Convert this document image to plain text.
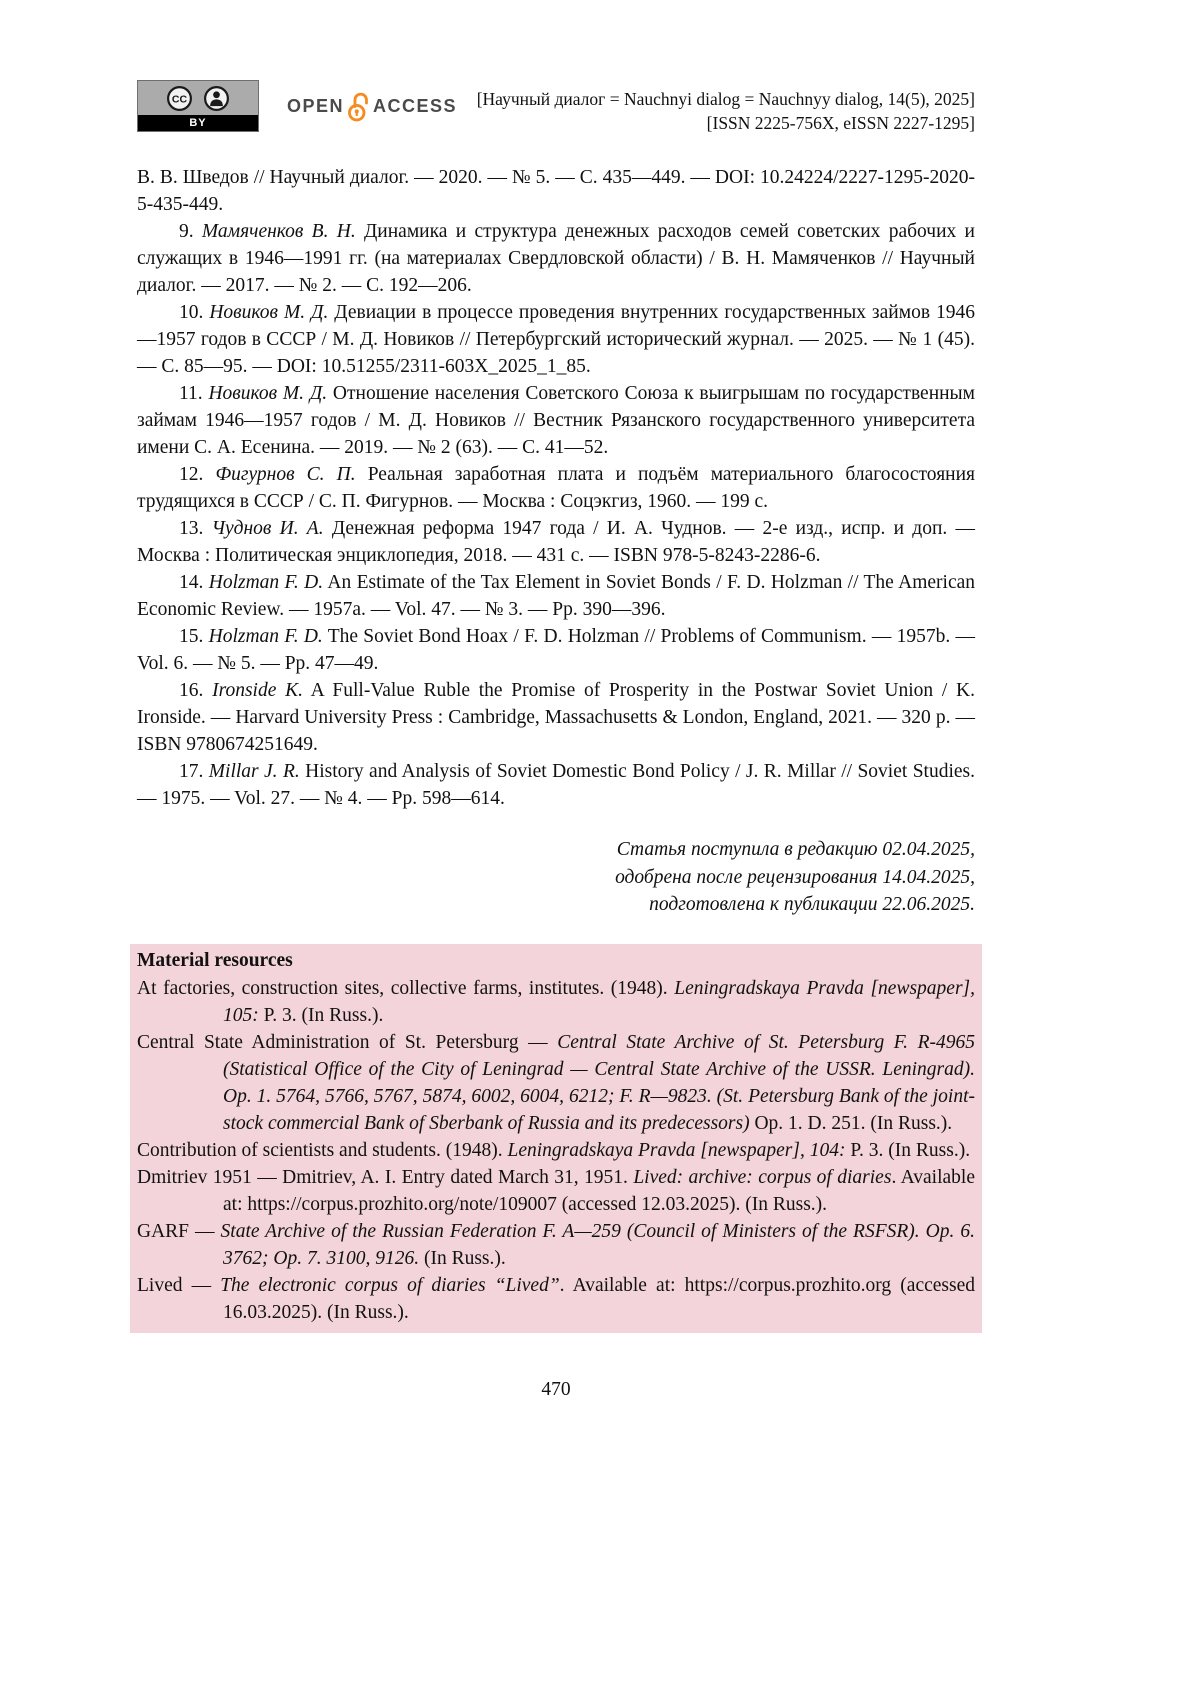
CC
BY
OPEN ACCESS [Научный диалог = Nauchnyi dialog = Nauchnyy dialog, 14(5), 2025]
[ISSN 2225-756X, eISSN 2227-1295]

В. В. Шведов // Научный диалог. — 2020. — № 5. — С. 435—449. — DOI: 10.24224/2227-1295-2020-5-435-449.

9. Мамяченков В. Н. Динамика и структура денежных расходов семей советских рабочих и служащих в 1946—1991 гг. (на материалах Свердловской области) / В. Н. Мамяченков // Научный диалог. — 2017. — № 2. — С. 192—206.

10. Новиков М. Д. Девиации в процессе проведения внутренних государственных займов 1946—1957 годов в СССР / М. Д. Новиков // Петербургский исторический журнал. — 2025. — № 1 (45). — С. 85—95. — DOI: 10.51255/2311-603X_2025_1_85.

11. Новиков М. Д. Отношение населения Советского Союза к выигрышам по государственным займам 1946—1957 годов / М. Д. Новиков // Вестник Рязанского государственного университета имени С. А. Есенина. — 2019. — № 2 (63). — С. 41—52.

12. Фигурнов С. П. Реальная заработная плата и подъём материального благосостояния трудящихся в СССР / С. П. Фигурнов. — Москва : Соцэкгиз, 1960. — 199 с.

13. Чуднов И. А. Денежная реформа 1947 года / И. А. Чуднов. — 2-е изд., испр. и доп. — Москва : Политическая энциклопедия, 2018. — 431 с. — ISBN 978-5-8243-2286-6.

14. Holzman F. D. An Estimate of the Tax Element in Soviet Bonds / F. D. Holzman // The American Economic Review. — 1957a. — Vol. 47. — № 3. — Pp. 390—396.

15. Holzman F. D. The Soviet Bond Hoax / F. D. Holzman // Problems of Communism. — 1957b. — Vol. 6. — № 5. — Pp. 47—49.

16. Ironside K. A Full-Value Ruble the Promise of Prosperity in the Postwar Soviet Union / K. Ironside. — Harvard University Press : Cambridge, Massachusetts & London, England, 2021. — 320 p. — ISBN 9780674251649.

17. Millar J. R. History and Analysis of Soviet Domestic Bond Policy / J. R. Millar // Soviet Studies. — 1975. — Vol. 27. — № 4. — Pp. 598—614.

Статья поступила в редакцию 02.04.2025,
одобрена после рецензирования 14.04.2025,
подготовлена к публикации 22.06.2025.

Material resources

At factories, construction sites, collective farms, institutes. (1948). Leningradskaya Pravda [newspaper], 105: P. 3. (In Russ.).

Central State Administration of St. Petersburg — Central State Archive of St. Petersburg F. R-4965 (Statistical Office of the City of Leningrad — Central State Archive of the USSR. Leningrad). Op. 1. 5764, 5766, 5767, 5874, 6002, 6004, 6212; F. R—9823. (St. Petersburg Bank of the joint-stock commercial Bank of Sberbank of Russia and its predecessors) Op. 1. D. 251. (In Russ.).

Contribution of scientists and students. (1948). Leningradskaya Pravda [newspaper], 104: P. 3. (In Russ.).

Dmitriev 1951 — Dmitriev, A. I. Entry dated March 31, 1951. Lived: archive: corpus of diaries. Available at: https://corpus.prozhito.org/note/109007 (accessed 12.03.2025). (In Russ.).

GARF — State Archive of the Russian Federation F. A—259 (Council of Ministers of the RSFSR). Op. 6. 3762; Op. 7. 3100, 9126. (In Russ.).

Lived — The electronic corpus of diaries “Lived”. Available at: https://corpus.prozhito.org (accessed 16.03.2025). (In Russ.).

470
